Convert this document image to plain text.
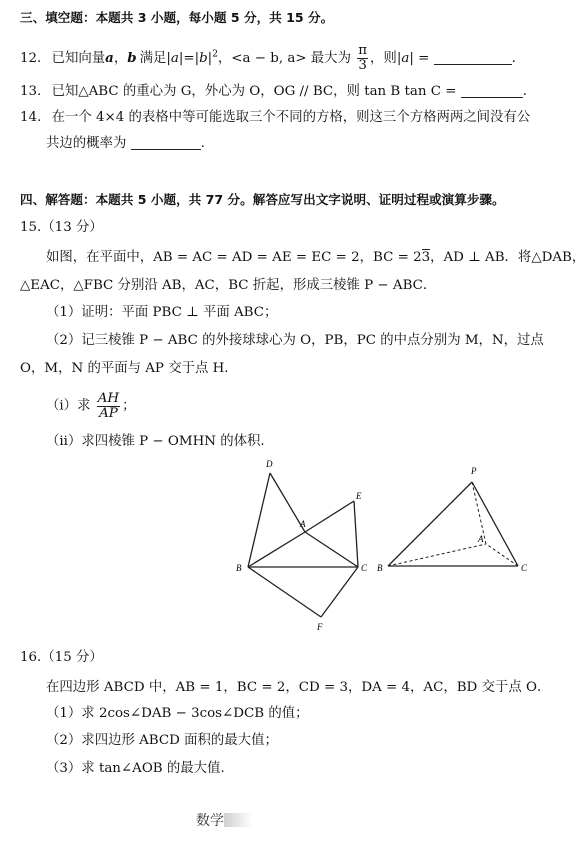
三、填空题：本题共 3 小题，每小题 5 分，共 15 分。
12. 已知向量a，b 满足$|a|=|b|^2$，<a − b, a> 最大为 $\frac{\pi}{3}$ ，则|a| =	.
13. 已知△ABC 的重心为 G，外心为 O，OG // BC，则 tan B tan C =	.
14. 在一个 4×4 的表格中等可能选取三个不同的方格，则这三个方格两两之间没有公
共边的概率为	.
四、解答题：本题共 5 小题，共 77 分。解答应写出文字说明、证明过程或演算步骤。
15.（13 分）
如图，在平面中，AB = AC = AD = AE = EC = 2，BC = 23，AD ⊥ AB．将△DAB，
△EAC，△FBC 分别沿 AB，AC，BC 折起，形成三棱锥 P − ABC．
（1）证明：平面 PBC ⊥ 平面 ABC；
（2）记三棱锥 P − ABC 的外接球球心为 O，PB，PC 的中点分别为 M，N，过点
O，M，N 的平面与 AP 交于点 H．
（i）求 $\frac{AH}{AP}$ ；
（ii）求四棱锥 P − OMHN 的体积．
D
E
A
B	C
F
P
A
B	C
16.（15 分）
在四边形 ABCD 中，AB = 1，BC = 2，CD = 3，DA = 4，AC，BD 交于点 O．
（1）求 2cos∠DAB − 3cos∠DCB 的值；
（2）求四边形 ABCD 面积的最大值；
（3）求 tan∠AOB 的最大值.
数学
